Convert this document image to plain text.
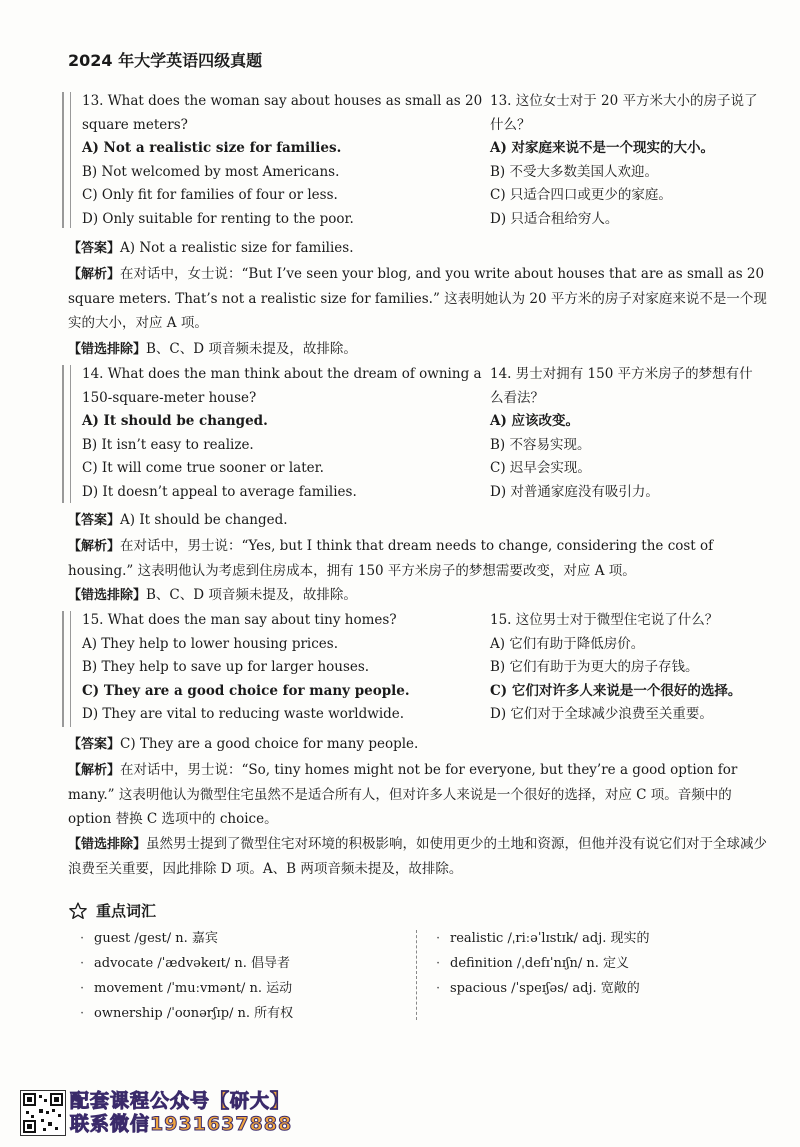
2024 年大学英语四级真题
13. What does the woman say about houses as small as 20
square meters?
A) Not a realistic size for families.
B) Not welcomed by most Americans.
C) Only fit for families of four or less.
D) Only suitable for renting to the poor.
13. 这位女士对于 20 平方米大小的房子说了
什么？
A) 对家庭来说不是一个现实的大小。
B) 不受大多数美国人欢迎。
C) 只适合四口或更少的家庭。
D) 只适合租给穷人。
【答案】A) Not a realistic size for families.
【解析】在对话中，女士说：“But I’ve seen your blog, and you write about houses that are as small as 20 square meters. That’s not a realistic size for families.” 这表明她认为 20 平方米的房子对家庭来说不是一个现实的大小，对应 A 项。
【错选排除】B、C、D 项音频未提及，故排除。
14. What does the man think about the dream of owning a
150-square-meter house?
A) It should be changed.
B) It isn’t easy to realize.
C) It will come true sooner or later.
D) It doesn’t appeal to average families.
14. 男士对拥有 150 平方米房子的梦想有什
么看法？
A) 应该改变。
B) 不容易实现。
C) 迟早会实现。
D) 对普通家庭没有吸引力。
【答案】A) It should be changed.
【解析】在对话中，男士说：“Yes, but I think that dream needs to change, considering the cost of housing.” 这表明他认为考虑到住房成本，拥有 150 平方米房子的梦想需要改变，对应 A 项。
【错选排除】B、C、D 项音频未提及，故排除。
15. What does the man say about tiny homes?
A) They help to lower housing prices.
B) They help to save up for larger houses.
C) They are a good choice for many people.
D) They are vital to reducing waste worldwide.
15. 这位男士对于微型住宅说了什么？
A) 它们有助于降低房价。
B) 它们有助于为更大的房子存钱。
C) 它们对许多人来说是一个很好的选择。
D) 它们对于全球减少浪费至关重要。
【答案】C) They are a good choice for many people.
【解析】在对话中，男士说：“So, tiny homes might not be for everyone, but they’re a good option for many.” 这表明他认为微型住宅虽然不是适合所有人，但对许多人来说是一个很好的选择，对应 C 项。音频中的 option 替换 C 选项中的 choice。
【错选排除】虽然男士提到了微型住宅对环境的积极影响，如使用更少的土地和资源，但他并没有说它们对于全球减少浪费至关重要，因此排除 D 项。A、B 两项音频未提及，故排除。
重点词汇
· guest /ɡest/ n. 嘉宾
· advocate /ˈædvəkeɪt/ n. 倡导者
· movement /ˈmuːvmənt/ n. 运动
· ownership /ˈoʊnərʃɪp/ n. 所有权
· realistic /ˌriːəˈlɪstɪk/ adj. 现实的
· definition /ˌdefɪˈnɪʃn/ n. 定义
· spacious /ˈspeɪʃəs/ adj. 宽敞的
配套课程公众号【研大】
联系微信1931637888
